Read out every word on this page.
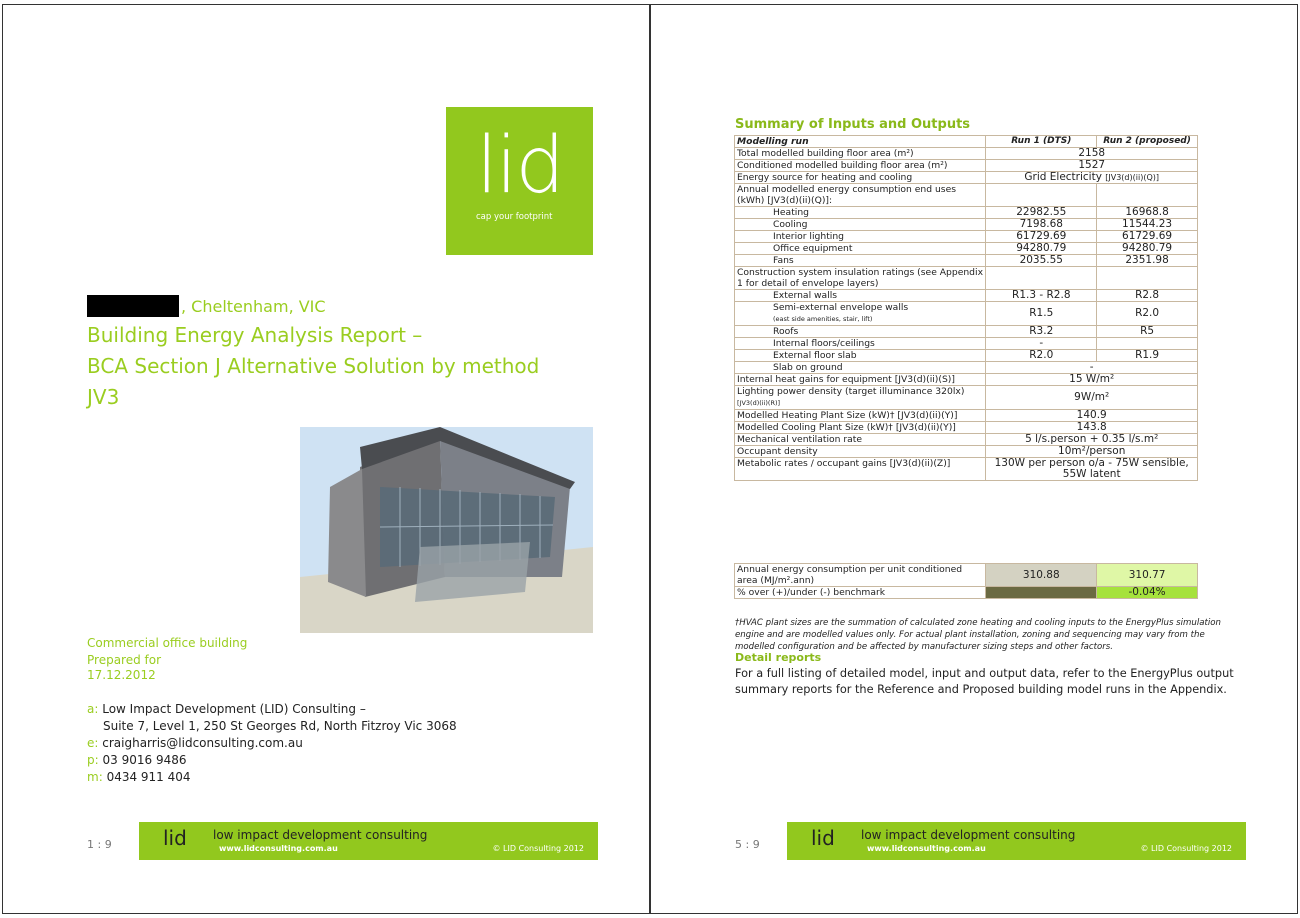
lid
cap your footprint
, Cheltenham, VIC
Building Energy Analysis Report –
BCA Section J Alternative Solution by method
JV3
Commercial office building
Prepared for
17.12.2012
a: Low Impact Development (LID) Consulting –
Suite 7, Level 1, 250 St Georges Rd, North Fitzroy Vic 3068
e: craigharris@lidconsulting.com.au
p: 03 9016 9486
m: 0434 911 404
1 : 9	lid low impact development consulting
www.lidconsulting.com.au	© LID Consulting 2012
Summary of Inputs and Outputs
Modelling run	Run 1 (DTS)	Run 2 (proposed)
Total modelled building floor area (m²)	2158	
Conditioned modelled building floor area (m²)	1527	
Energy source for heating and cooling	Grid Electricity [JV3(d)(ii)(Q)]	
Annual modelled energy consumption end uses (kWh) [JV3(d)(ii)(Q)]:		
Heating	22982.55	16968.8
Cooling	7198.68	11544.23
Interior lighting	61729.69	61729.69
Office equipment	94280.79	94280.79
Fans	2035.55	2351.98
Construction system insulation ratings (see Appendix 1 for detail of envelope layers)		
External walls	R1.3 - R2.8	R2.8
Semi-external envelope walls
(east side amenities, stair, lift)	R1.5	R2.0
Roofs	R3.2	R5
Internal floors/ceilings	-	
External floor slab	R2.0	R1.9
Slab on ground	-	
Internal heat gains for equipment [JV3(d)(ii)(S)]	15 W/m²	
Lighting power density (target illuminance 320lx)
[JV3(d)(ii)(R)]	9W/m²	
Modelled Heating Plant Size (kW)† [JV3(d)(ii)(Y)]	140.9	
Modelled Cooling Plant Size (kW)† [JV3(d)(ii)(Y)]	143.8	
Mechanical ventilation rate	5 l/s.person + 0.35 l/s.m²	
Occupant density	10m²/person	
Metabolic rates / occupant gains [JV3(d)(ii)(Z)]	130W per person o/a - 75W sensible, 55W latent	
Annual energy consumption per unit conditioned area (MJ/m².ann)	310.88	310.77
% over (+)/under (-) benchmark		-0.04%
†HVAC plant sizes are the summation of calculated zone heating and cooling inputs to the EnergyPlus simulation engine and are modelled values only. For actual plant installation, zoning and sequencing may vary from the modelled configuration and be affected by manufacturer sizing steps and other factors.
Detail reports
For a full listing of detailed model, input and output data, refer to the EnergyPlus output summary reports for the Reference and Proposed building model runs in the Appendix.
5 : 9	lid low impact development consulting
www.lidconsulting.com.au	© LID Consulting 2012
